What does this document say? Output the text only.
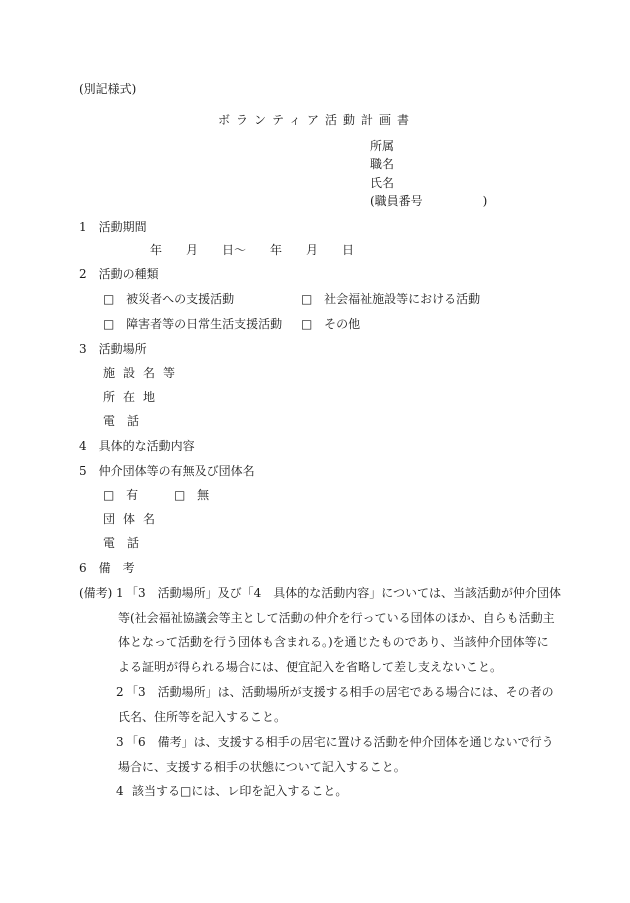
(別記様式)
ボランティア活動計画書
所属
職名
氏名
(職員番号　　　　　)
1　活動期間
年　　月　　日〜　　年　　月　　日
2　活動の種類
□ 被災者への支援活動	□ 社会福祉施設等における活動
□ 障害者等の日常生活支援活動 □ その他
3　活動場所
施設名等
所在地
電　話
4　具体的な活動内容
5　仲介団体等の有無及び団体名
□ 有	□ 無
団体名
電　話
6　備　考
(備考) 1 「3　活動場所」及び「4　具体的な活動内容」については、当該活動が仲介団体
等(社会福祉協議会等主として活動の仲介を行っている団体のほか、自らも活動主
体となって活動を行う団体も含まれる。)を通じたものであり、当該仲介団体等に
よる証明が得られる場合には、便宜記入を省略して差し支えないこと。
2 「3　活動場所」は、活動場所が支援する相手の居宅である場合には、その者の
氏名、住所等を記入すること。
3 「6　備考」は、支援する相手の居宅に置ける活動を仲介団体を通じないで行う
場合に、支援する相手の状態について記入すること。
4 該当する□には、レ印を記入すること。
